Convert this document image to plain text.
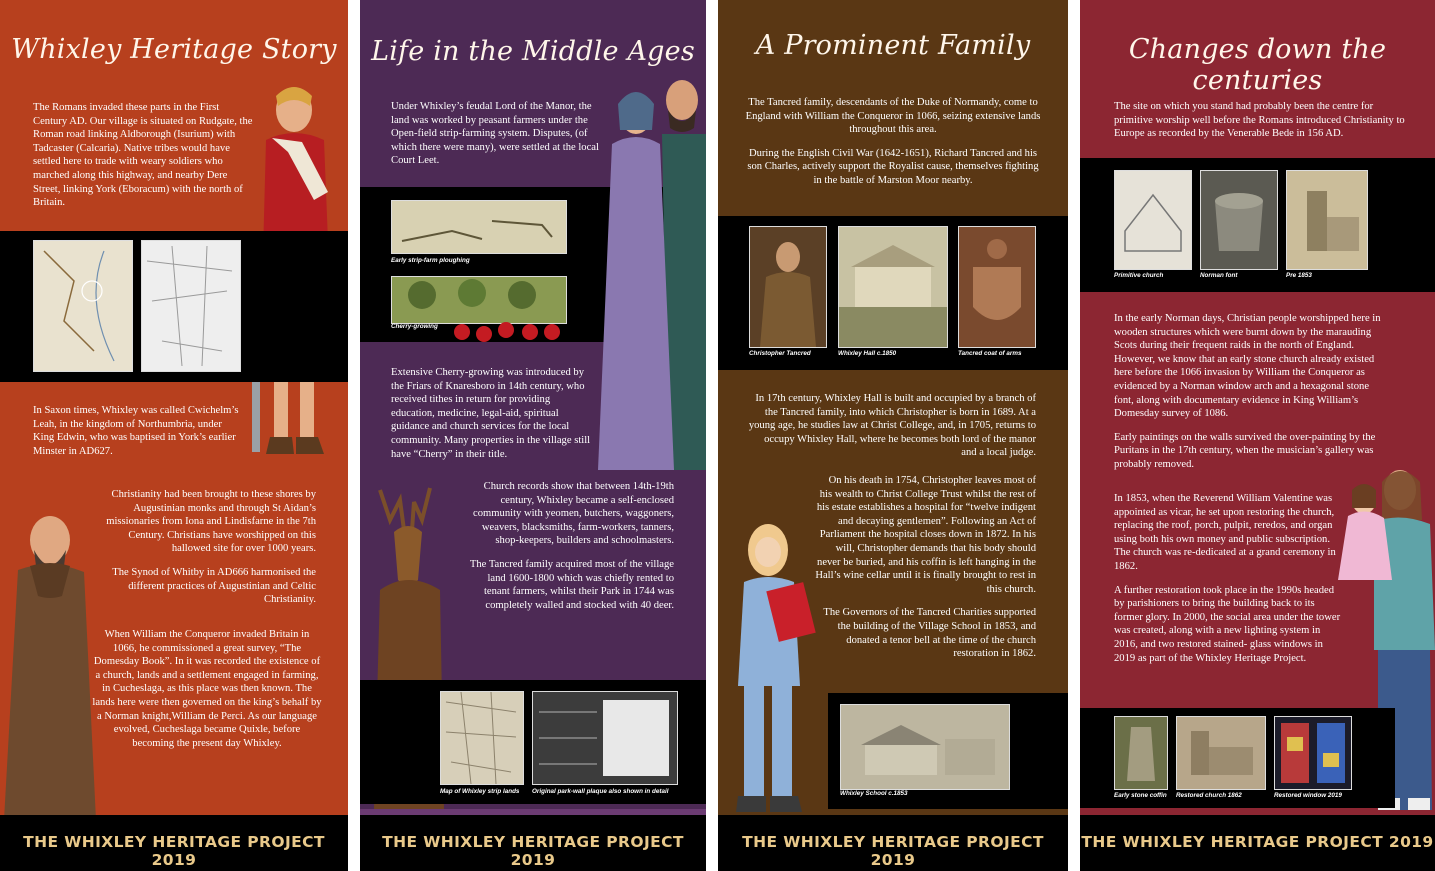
Whixley Heritage Story

The Romans invaded these parts in the First Century AD. Our village is situated on Rudgate, the Roman road linking Aldborough (Isurium) with Tadcaster (Calcaria). Native tribes would have settled here to trade with weary soldiers who marched along this highway, and nearby Dere Street, linking York (Eboracum) with the north of Britain.

In Saxon times, Whixley was called Cwichelm’s Leah, in the kingdom of Northumbria, under King Edwin, who was baptised in York’s earlier Minster in AD627.

Christianity had been brought to these shores by Augustinian monks and through St Aidan’s missionaries from Iona and Lindisfarne in the 7th Century. Christians have worshipped on this hallowed site for over 1000 years.

The Synod of Whitby in AD666 harmonised the different practices of Augustinian and Celtic Christianity.

When William the Conqueror invaded Britain in 1066, he commissioned a great survey, “The Domesday Book”. In it was recorded the existence of a church, lands and a settlement engaged in farming, in Cucheslaga, as this place was then known. The lands here were then governed on the king’s behalf by a Norman knight,William de Perci. As our language evolved, Cucheslaga became Quixle, before becoming the present day Whixley.

THE WHIXLEY HERITAGE PROJECT 2019
Life in the Middle Ages

Under Whixley’s feudal Lord of the Manor, the land was worked by peasant farmers under the Open-field strip-farming system. Disputes, (of which there were many), were settled at the local Court Leet.

Early strip-farm ploughing
Cherry-growing

Extensive Cherry-growing was introduced by the Friars of Knaresboro in 14th century, who received tithes in return for providing education, medicine, legal-aid, spiritual guidance and church services for the local community. Many properties in the village still have “Cherry” in their title.

Church records show that between 14th-19th century, Whixley became a self-enclosed community with yeomen, butchers, waggoners, weavers, blacksmiths, farm-workers, tanners, shop-keepers, builders and schoolmasters.

The Tancred family acquired most of the village land 1600-1800 which was chiefly rented to tenant farmers, whilst their Park in 1744 was completely walled and stocked with 40 deer.

Map of Whixley strip lands Original park-wall plaque also shown in detail
THE WHIXLEY HERITAGE PROJECT 2019
A Prominent Family

The Tancred family, descendants of the Duke of Normandy, come to England with William the Conqueror in 1066, seizing extensive lands throughout this area.

During the English Civil War (1642-1651), Richard Tancred and his son Charles, actively support the Royalist cause, themselves fighting in the battle of Marston Moor nearby.

Christopher Tancred	Whixley Hall c.1850	Tancred coat of arms

In 17th century, Whixley Hall is built and occupied by a branch of the Tancred family, into which Christopher is born in 1689. At a young age, he studies law at Christ College, and, in 1705, returns to occupy Whixley Hall, where he becomes both lord of the manor and a local judge.

On his death in 1754, Christopher leaves most of his wealth to Christ College Trust whilst the rest of his estate establishes a hospital for “twelve indigent and decaying gentlemen”. Following an Act of Parliament the hospital closes down in 1872. In his will, Christopher demands that his body should never be buried, and his coffin is left hanging in the Hall’s wine cellar until it is finally brought to rest in this church.

The Governors of the Tancred Charities supported the building of the Village School in 1853, and donated a tenor bell at the time of the church restoration in 1862.

Whixley School c.1853
THE WHIXLEY HERITAGE PROJECT 2019
Changes down the centuries

The site on which you stand had probably been the centre for primitive worship well before the Romans introduced Christianity to Europe as recorded by the Venerable Bede in 156 AD.

Primitive church	Norman font	Pre 1853

In the early Norman days, Christian people worshipped here in wooden structures which were burnt down by the marauding Scots during their frequent raids in the north of England. However, we know that an early stone church already existed here before the 1066 invasion by William the Conqueror as evidenced by a Norman window arch and a hexagonal stone font, along with documentary evidence in King William’s Domesday survey of 1086.

Early paintings on the walls survived the over-painting by the Puritans in the 17th century, when the musician’s gallery was probably removed.

In 1853, when the Reverend William Valentine was appointed as vicar, he set upon restoring the church, replacing the roof, porch, pulpit, reredos, and organ using both his own money and public subscription. The church was re-dedicated at a grand ceremony in 1862.

A further restoration took place in the 1990s headed by parishioners to bring the building back to its former glory. In 2000, the social area under the tower was created, along with a new lighting system in 2016, and two restored stained- glass windows in 2019 as part of the Whixley Heritage Project.

Early stone coffin Restored church 1862	Restored window 2019
THE WHIXLEY HERITAGE PROJECT 2019
